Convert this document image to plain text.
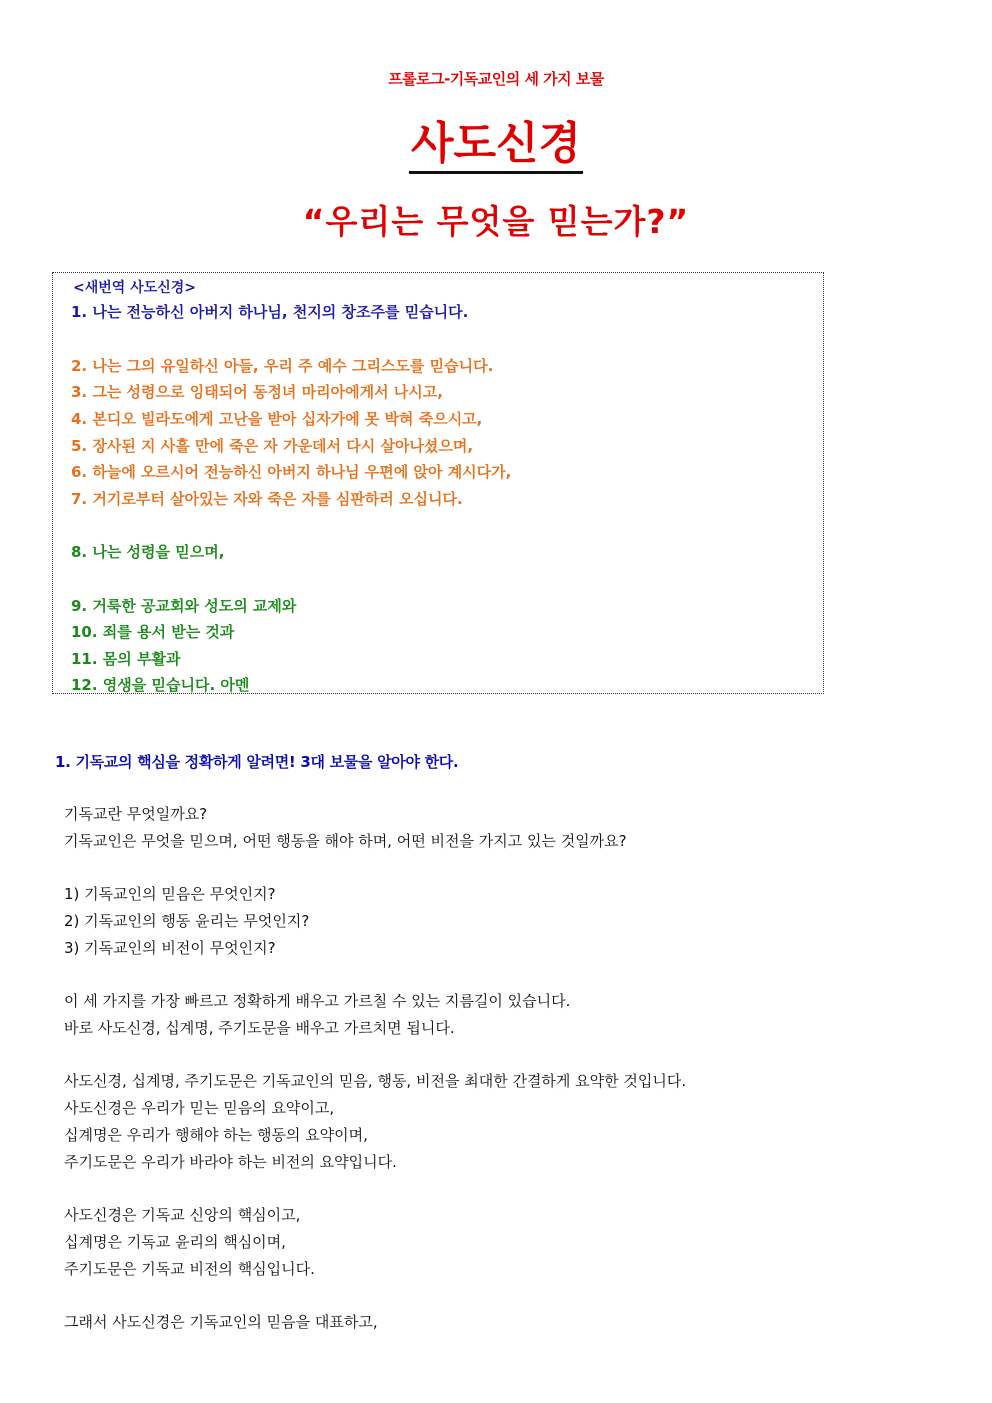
프롤로그-기독교인의 세 가지 보물
사도신경
“우리는 무엇을 믿는가?”
<새번역 사도신경>
1. 나는 전능하신 아버지 하나님, 천지의 창조주를 믿습니다.
2. 나는 그의 유일하신 아들, 우리 주 예수 그리스도를 믿습니다.
3. 그는 성령으로 잉태되어 동정녀 마리아에게서 나시고,
4. 본디오 빌라도에게 고난을 받아 십자가에 못 박혀 죽으시고,
5. 장사된 지 사흘 만에 죽은 자 가운데서 다시 살아나셨으며,
6. 하늘에 오르시어 전능하신 아버지 하나님 우편에 앉아 계시다가,
7. 거기로부터 살아있는 자와 죽은 자를 심판하러 오십니다.
8. 나는 성령을 믿으며,
9. 거룩한 공교회와 성도의 교제와
10. 죄를 용서 받는 것과
11. 몸의 부활과
12. 영생을 믿습니다. 아멘
1. 기독교의 핵심을 정확하게 알려면! 3대 보물을 알아야 한다.
기독교란 무엇일까요?
기독교인은 무엇을 믿으며, 어떤 행동을 해야 하며, 어떤 비전을 가지고 있는 것일까요?
1) 기독교인의 믿음은 무엇인지?
2) 기독교인의 행동 윤리는 무엇인지?
3) 기독교인의 비전이 무엇인지?
이 세 가지를 가장 빠르고 정확하게 배우고 가르칠 수 있는 지름길이 있습니다.
바로 사도신경, 십계명, 주기도문을 배우고 가르치면 됩니다.
사도신경, 십계명, 주기도문은 기독교인의 믿음, 행동, 비전을 최대한 간결하게 요약한 것입니다.
사도신경은 우리가 믿는 믿음의 요약이고,
십계명은 우리가 행해야 하는 행동의 요약이며,
주기도문은 우리가 바라야 하는 비전의 요약입니다.
사도신경은 기독교 신앙의 핵심이고,
십계명은 기독교 윤리의 핵심이며,
주기도문은 기독교 비전의 핵심입니다.
그래서 사도신경은 기독교인의 믿음을 대표하고,
